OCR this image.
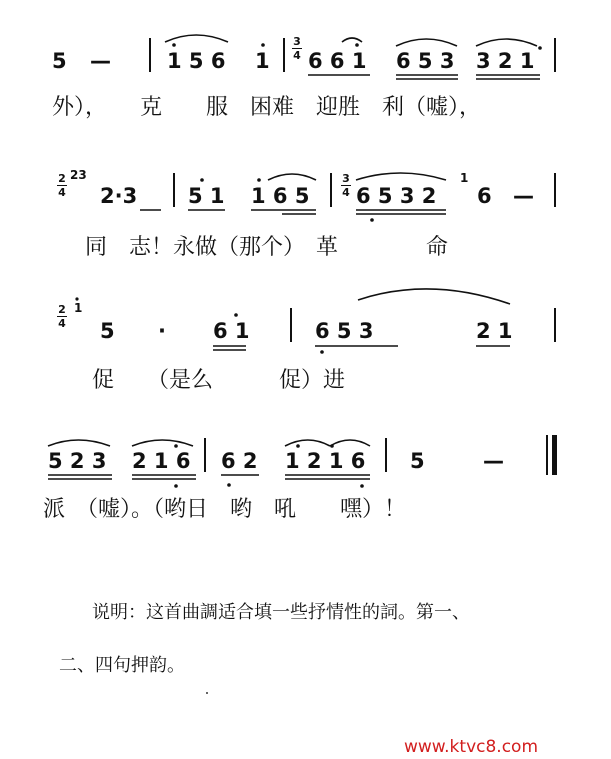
5 —	1 5 6 1
3
4 6 6 1 6 5 3 3 2 1
外），　　克　　服　困难　迎胜　利（嘘），
2
4
23
2·3 5 1 1 6 5
3
4 6 5 3 2
1
6 —
同　志！永做（那个）　革　　　　命
2
4
1
5 · 6 1	6 5 3	2 1
促　　（是么　　　促）进
5 2 3 2 1 6 6 2 1 2 1 6 5	—
派　（嘘）。（哟日　哟　吼　　嘿）！
说明：这首曲調适合填一些抒情性的詞。第一、
二、四句押韵。
www.ktvc8.com
